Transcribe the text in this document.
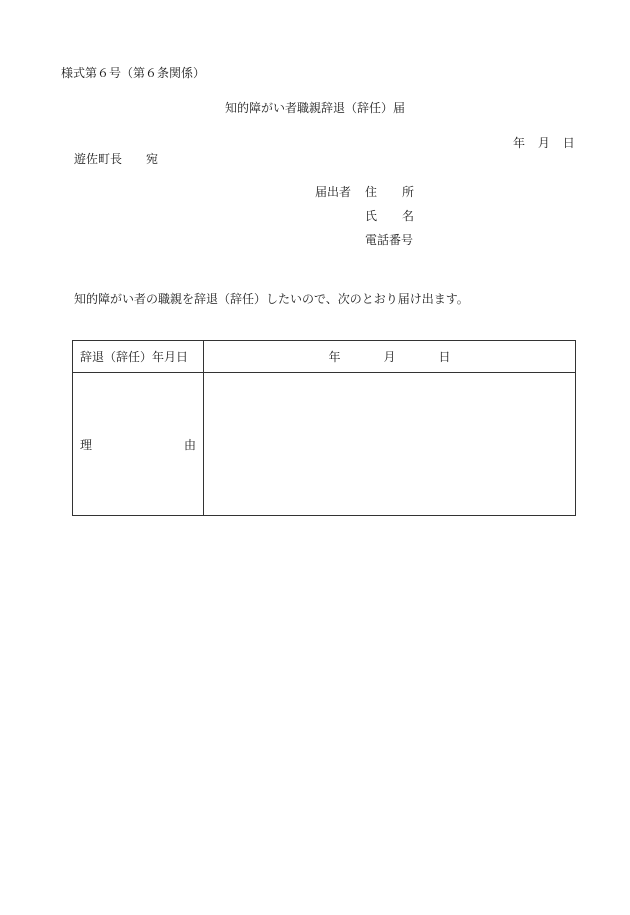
様式第６号（第６条関係）
知的障がい者職親辞退（辞任）届
年 月 日
遊佐町長 宛
届出者 住 所
氏 名
電話番号
知的障がい者の職親を辞退（辞任）したいので、次のとおり届け出ます。
辞退（辞任）年月日	年 月 日

理 由	
